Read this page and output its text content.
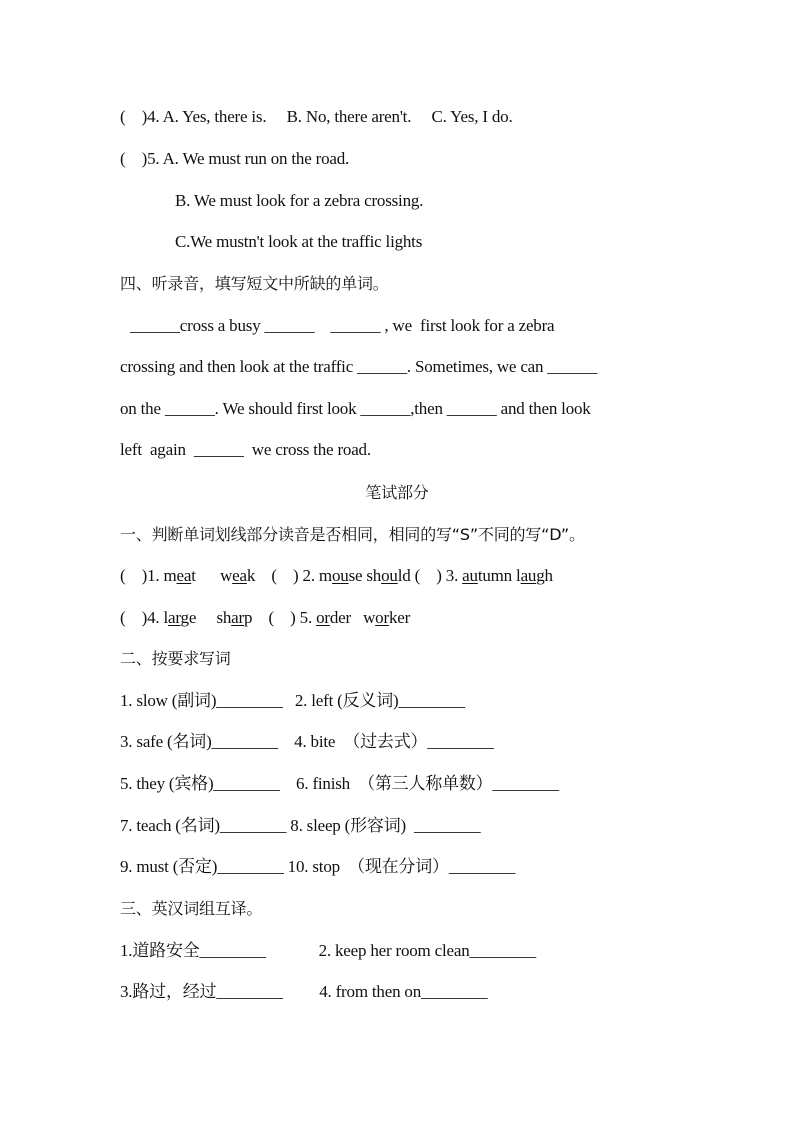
(    )4. A. Yes, there is.     B. No, there aren't.     C. Yes, I do.
(    )5. A. We must run on the road.
B. We must look for a zebra crossing.
C.We mustn't look at the traffic lights
四、听录音，填写短文中所缺的单词。
______cross a busy ______    ______ , we  first look for a zebra
crossing and then look at the traffic ______. Sometimes, we can ______
on the ______. We should first look ______,then ______ and then look
left  again  ______  we cross the road.
笔试部分
一、判断单词划线部分读音是否相同，相同的写“S”不同的写“D”。
(    )1. meat      weak    (    ) 2. mouse should (    ) 3. autumn laugh
(    )4. large     sharp    (    ) 5. order   worker
二、按要求写词
1. slow (副词)________   2. left (反义词)________
3. safe (名词)________    4. bite  （过去式）________
5. they (宾格)________    6. finish  （第三人称单数）________
7. teach (名词)________ 8. sleep (形容词)  ________
9. must (否定)________ 10. stop  （现在分词）________
三、英汉词组互译。
1.道路安全________             2. keep her room clean________
3.路过，经过________         4. from then on________
